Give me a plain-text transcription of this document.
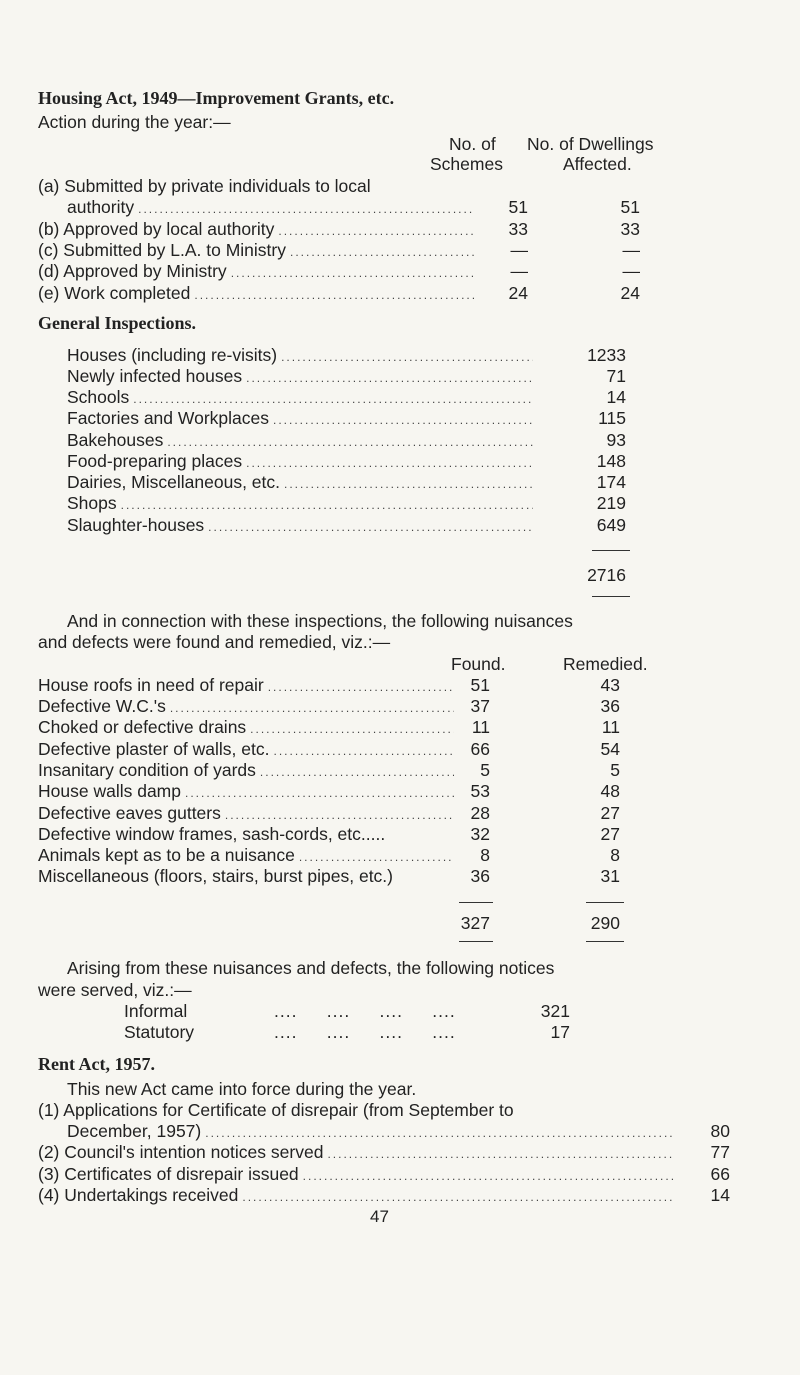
Housing Act, 1949—Improvement Grants, etc.
Action during the year:—
No. of
Schemes
No. of Dwellings
Affected.
(a) Submitted by private individuals to local
authority .....	51	51
(b) Approved by local authority .....	33	33
(c) Submitted by L.A. to Ministry .....	—	—
(d) Approved by Ministry .....	—	—
(e) Work completed .....	24	24
General Inspections.
Houses (including re-visits) .....	1233
Newly infected houses .....	71
Schools .....	14
Factories and Workplaces .....	115
Bakehouses .....	93
Food-preparing places .....	148
Dairies, Miscellaneous, etc. .....	174
Shops .....	219
Slaughter-houses .....	649
2716
And in connection with these inspections, the following nuisances
and defects were found and remedied, viz.:—
Found.	Remedied.
House roofs in need of repair .....	51	43
Defective W.C.'s .....	37	36
Choked or defective drains .....	11	11
Defective plaster of walls, etc. .....	66	54
Insanitary condition of yards .....	5	5
House walls damp .....	53	48
Defective eaves gutters .....	28	27
Defective window frames, sash-cords, etc.....	32	27
Animals kept as to be a nuisance .....	8	8
Miscellaneous (floors, stairs, burst pipes, etc.)	36	31
327	290
Arising from these nuisances and defects, the following notices
were served, viz.:—
Informal	....     ....     ....     ....	321
Statutory	....     ....     ....     ....	17
Rent Act, 1957.
This new Act came into force during the year.
(1) Applications for Certificate of disrepair (from September to
December, 1957) .....	80
(2) Council's intention notices served .....	77
(3) Certificates of disrepair issued .....	66
(4) Undertakings received .....	14
47
